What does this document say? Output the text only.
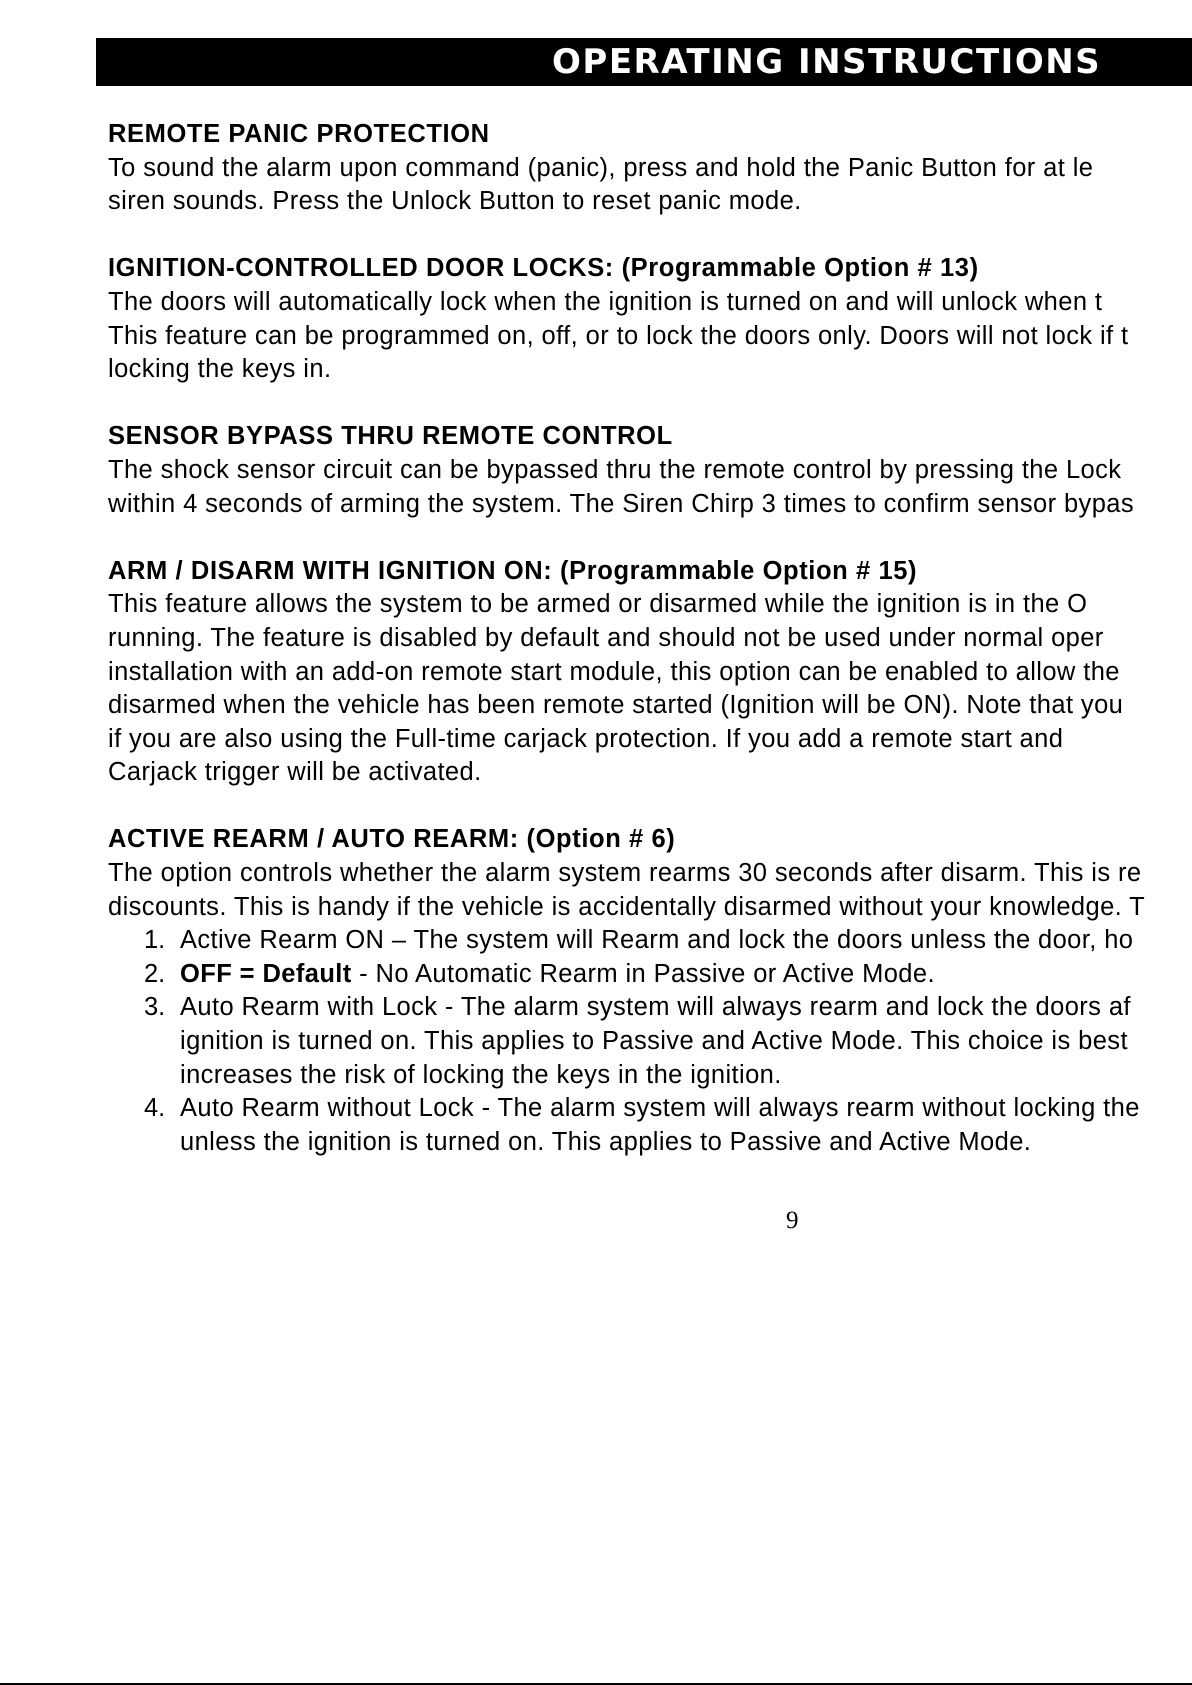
OPERATING INSTRUCTIONS
REMOTE PANIC PROTECTION
To sound the alarm upon command (panic), press and hold the Panic Button for at le
siren sounds. Press the Unlock Button to reset panic mode.
IGNITION-CONTROLLED DOOR LOCKS: (Programmable Option # 13)
The doors will automatically lock when the ignition is turned on and will unlock when t
This feature can be programmed on, off, or to lock the doors only. Doors will not lock if t
locking the keys in.
SENSOR BYPASS THRU REMOTE CONTROL
The shock sensor circuit can be bypassed thru the remote control by pressing the Lock
within 4 seconds of arming the system. The Siren Chirp 3 times to confirm sensor bypas
ARM / DISARM WITH IGNITION ON: (Programmable Option # 15)
This feature allows the system to be armed or disarmed while the ignition is in the O
running. The feature is disabled by default and should not be used under normal oper
installation with an add-on remote start module, this option can be enabled to allow the
disarmed when the vehicle has been remote started (Ignition will be ON). Note that you
if you are also using the Full-time carjack protection. If you add a remote start and
Carjack trigger will be activated.
ACTIVE REARM / AUTO REARM: (Option # 6)
The option controls whether the alarm system rearms 30 seconds after disarm. This is re
discounts. This is handy if the vehicle is accidentally disarmed without your knowledge. T
1. Active Rearm ON – The system will Rearm and lock the doors unless the door, ho
2. OFF = Default - No Automatic Rearm in Passive or Active Mode.
3. Auto Rearm with Lock - The alarm system will always rearm and lock the doors af
ignition is turned on. This applies to Passive and Active Mode. This choice is best
increases the risk of locking the keys in the ignition.
4. Auto Rearm without Lock - The alarm system will always rearm without locking the
unless the ignition is turned on. This applies to Passive and Active Mode.
9
